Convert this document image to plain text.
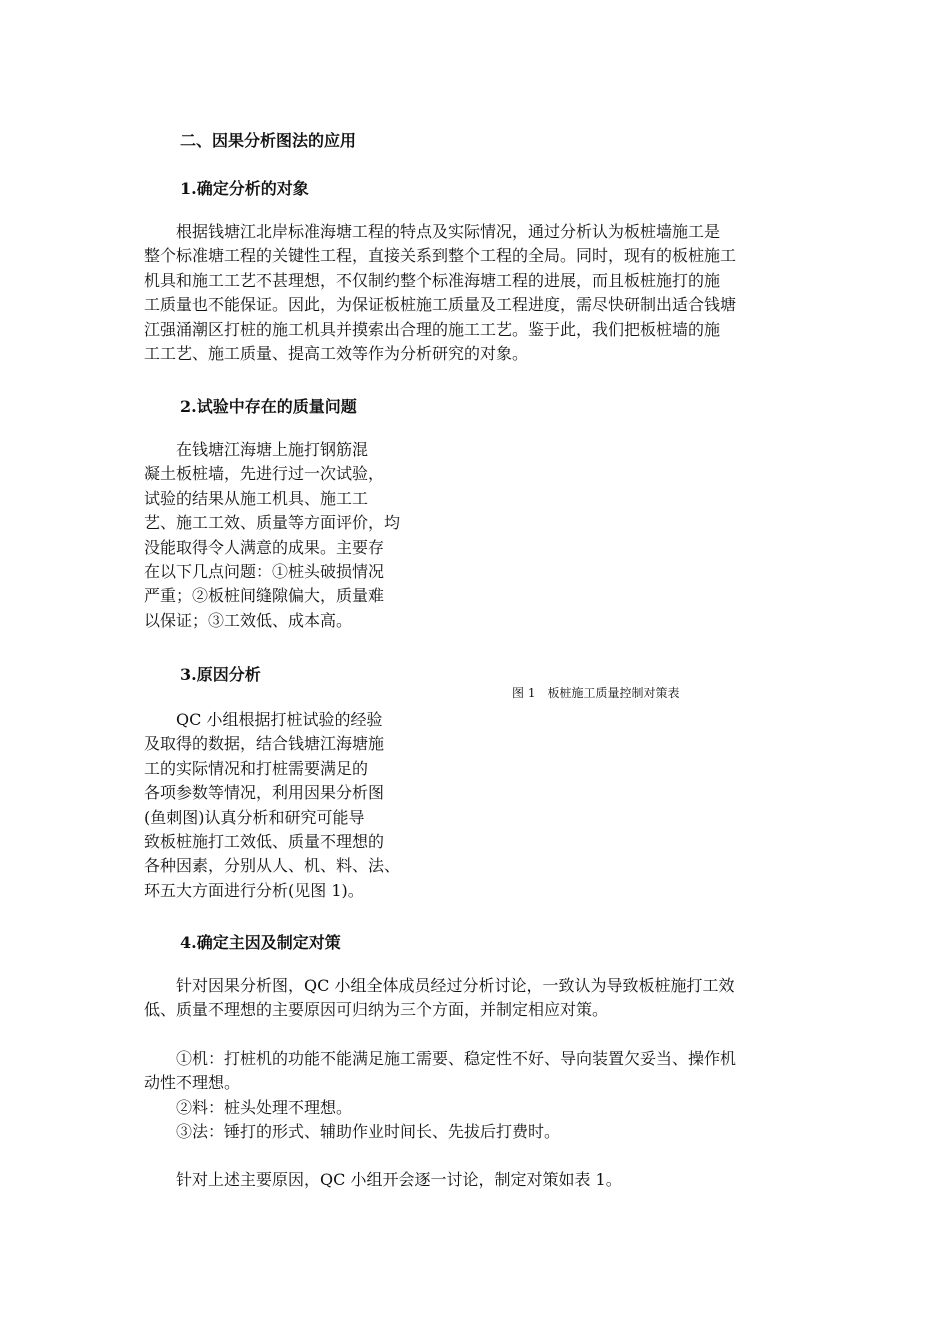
二、因果分析图法的应用
1.确定分析的对象
　　根据钱塘江北岸标准海塘工程的特点及实际情况，通过分析认为板桩墙施工是
整个标准塘工程的关键性工程，直接关系到整个工程的全局。同时，现有的板桩施工
机具和施工工艺不甚理想，不仅制约整个标准海塘工程的进展，而且板桩施打的施
工质量也不能保证。因此，为保证板桩施工质量及工程进度，需尽快研制出适合钱塘
江强涌潮区打桩的施工机具并摸索出合理的施工工艺。鉴于此，我们把板桩墙的施
工工艺、施工质量、提高工效等作为分析研究的对象。
2.试验中存在的质量问题
　　在钱塘江海塘上施打钢筋混
凝土板桩墙，先进行过一次试验，
试验的结果从施工机具、施工工
艺、施工工效、质量等方面评价，均
没能取得令人满意的成果。主要存
在以下几点问题：①桩头破损情况
严重；②板桩间缝隙偏大，质量难
以保证；③工效低、成本高。
3.原因分析
图 1　板桩施工质量控制对策表
　　QC 小组根据打桩试验的经验
及取得的数据，结合钱塘江海塘施
工的实际情况和打桩需要满足的
各项参数等情况，利用因果分析图
(鱼刺图)认真分析和研究可能导
致板桩施打工效低、质量不理想的
各种因素，分别从人、机、料、法、
环五大方面进行分析(见图 1)。
4.确定主因及制定对策
　　针对因果分析图，QC 小组全体成员经过分析讨论，一致认为导致板桩施打工效
低、质量不理想的主要原因可归纳为三个方面，并制定相应对策。
　　①机：打桩机的功能不能满足施工需要、稳定性不好、导向装置欠妥当、操作机
动性不理想。
　　②料：桩头处理不理想。
　　③法：锤打的形式、辅助作业时间长、先拔后打费时。
　　针对上述主要原因，QC 小组开会逐一讨论，制定对策如表 1。
